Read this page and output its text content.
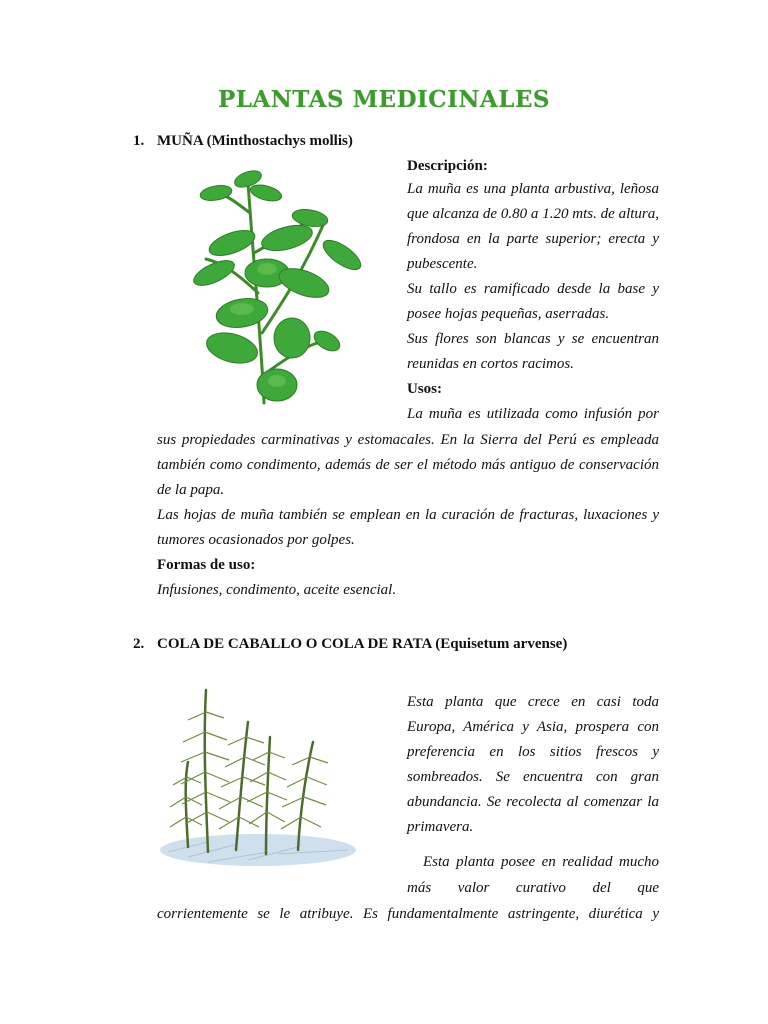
PLANTAS MEDICINALES
1. MUÑA (Minthostachys mollis)
Descripción:
La muña es una planta arbustiva, leñosa
que alcanza de 0.80 a 1.20 mts. de altura,
frondosa en la parte superior; erecta y
pubescente.
Su tallo es ramificado desde la base y
posee hojas pequeñas, aserradas.
Sus flores son blancas y se encuentran
reunidas en cortos racimos.
Usos:
La muña es utilizada como infusión por
sus propiedades carminativas y estomacales. En la Sierra del Perú es empleada
también como condimento, además de ser el método más antiguo de conservación
de la papa.
Las hojas de muña también se emplean en la curación de fracturas, luxaciones y
tumores ocasionados por golpes.
Formas de uso:
Infusiones, condimento, aceite esencial.
2. COLA DE CABALLO O COLA DE RATA (Equisetum arvense)
Esta planta que crece en casi toda
Europa, América y Asia, prospera con
preferencia en los sitios frescos y
sombreados. Se encuentra con gran
abundancia. Se recolecta al comenzar la
primavera.
Esta planta posee en realidad mucho
más valor curativo del que
corrientemente se le atribuye. Es fundamentalmente astringente, diurética y
